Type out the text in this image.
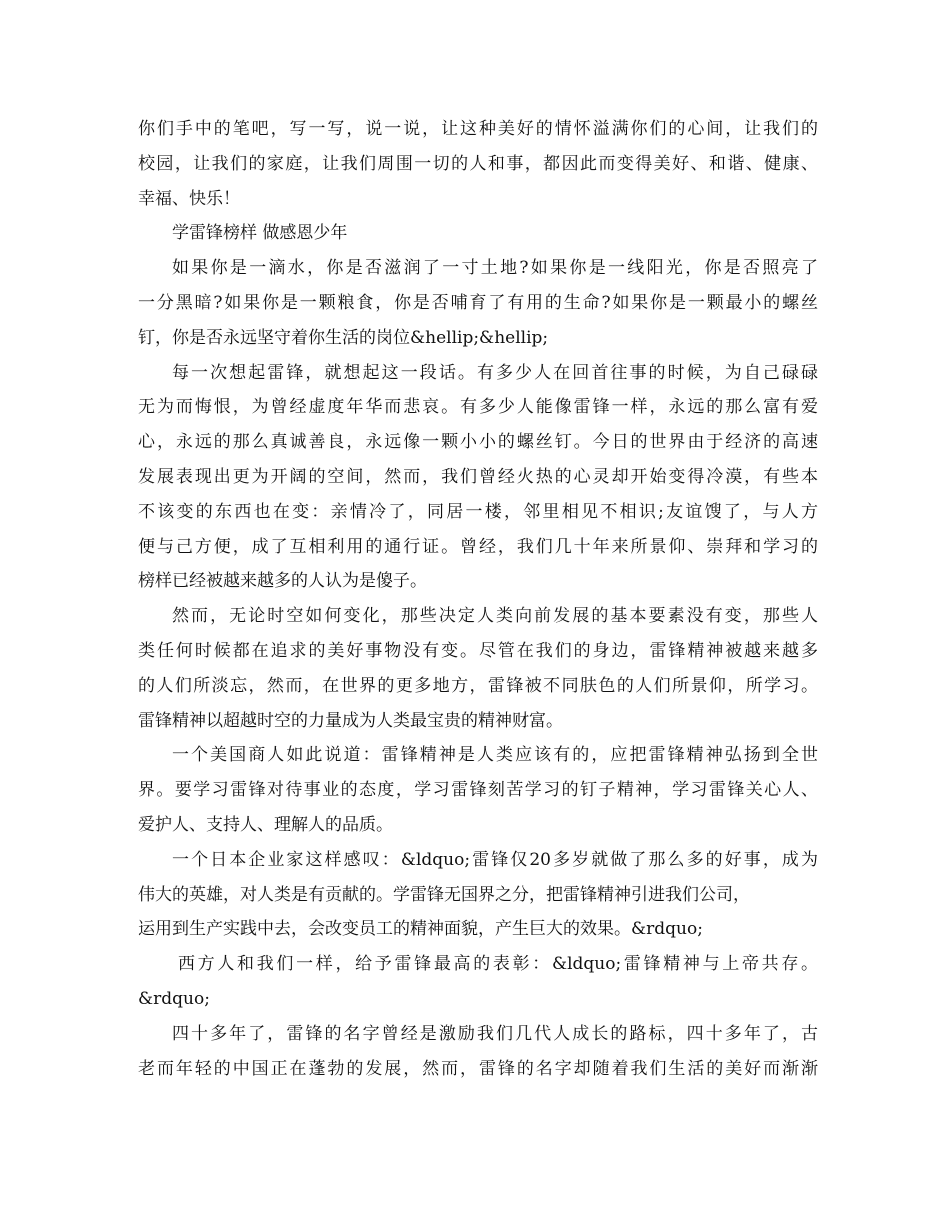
你们手中的笔吧，写一写，说一说，让这种美好的情怀溢满你们的心间，让我们的
校园，让我们的家庭，让我们周围一切的人和事，都因此而变得美好、和谐、健康、
幸福、快乐！
学雷锋榜样 做感恩少年
如果你是一滴水，你是否滋润了一寸土地?如果你是一线阳光，你是否照亮了
一分黑暗?如果你是一颗粮食，你是否哺育了有用的生命?如果你是一颗最小的螺丝
钉，你是否永远坚守着你生活的岗位&hellip;&hellip;
每一次想起雷锋，就想起这一段话。有多少人在回首往事的时候，为自己碌碌
无为而悔恨，为曾经虚度年华而悲哀。有多少人能像雷锋一样，永远的那么富有爱
心，永远的那么真诚善良，永远像一颗小小的螺丝钉。今日的世界由于经济的高速
发展表现出更为开阔的空间，然而，我们曾经火热的心灵却开始变得冷漠，有些本
不该变的东西也在变：亲情冷了，同居一楼，邻里相见不相识;友谊馊了，与人方
便与己方便，成了互相利用的通行证。曾经，我们几十年来所景仰、崇拜和学习的
榜样已经被越来越多的人认为是傻子。
然而，无论时空如何变化，那些决定人类向前发展的基本要素没有变，那些人
类任何时候都在追求的美好事物没有变。尽管在我们的身边，雷锋精神被越来越多
的人们所淡忘，然而，在世界的更多地方，雷锋被不同肤色的人们所景仰，所学习。
雷锋精神以超越时空的力量成为人类最宝贵的精神财富。
一个美国商人如此说道：雷锋精神是人类应该有的，应把雷锋精神弘扬到全世
界。要学习雷锋对待事业的态度，学习雷锋刻苦学习的钉子精神，学习雷锋关心人、
爱护人、支持人、理解人的品质。
一个日本企业家这样感叹：&ldquo;雷锋仅20多岁就做了那么多的好事，成为
伟大的英雄，对人类是有贡献的。学雷锋无国界之分，把雷锋精神引进我们公司，
运用到生产实践中去，会改变员工的精神面貌，产生巨大的效果。&rdquo;
西方人和我们一样，给予雷锋最高的表彰：&ldquo;雷锋精神与上帝共存。
&rdquo;
四十多年了，雷锋的名字曾经是激励我们几代人成长的路标，四十多年了，古
老而年轻的中国正在蓬勃的发展，然而，雷锋的名字却随着我们生活的美好而渐渐
